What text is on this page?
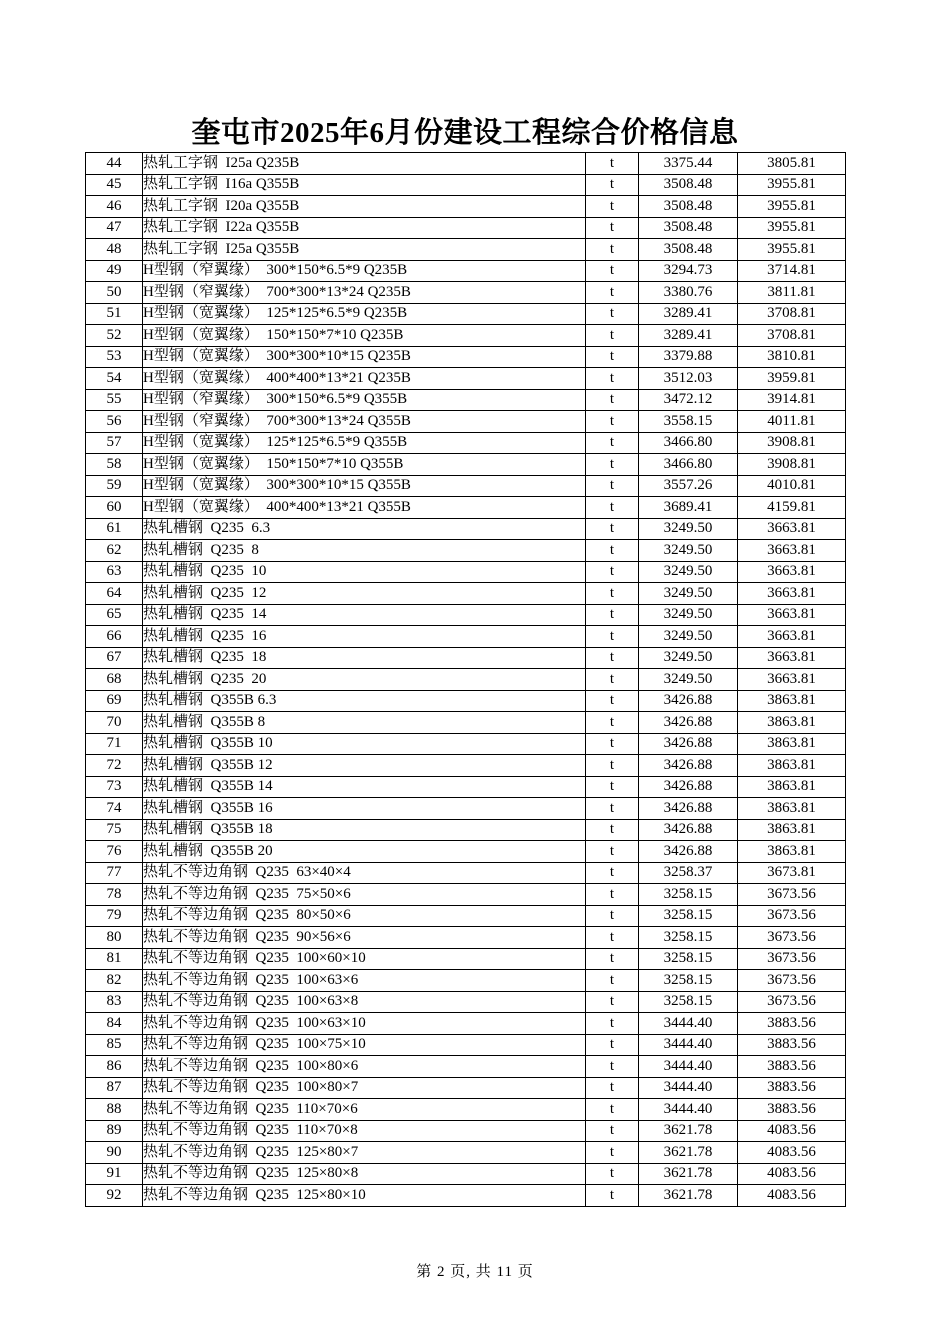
奎屯市2025年6月份建设工程综合价格信息
44	热轧工字钢  I25a Q235B	t	3375.44	3805.81
45	热轧工字钢  I16a Q355B	t	3508.48	3955.81
46	热轧工字钢  I20a Q355B	t	3508.48	3955.81
47	热轧工字钢  I22a Q355B	t	3508.48	3955.81
48	热轧工字钢  I25a Q355B	t	3508.48	3955.81
49	H型钢（窄翼缘）  300*150*6.5*9 Q235B	t	3294.73	3714.81
50	H型钢（窄翼缘）  700*300*13*24 Q235B	t	3380.76	3811.81
51	H型钢（宽翼缘）  125*125*6.5*9 Q235B	t	3289.41	3708.81
52	H型钢（宽翼缘）  150*150*7*10 Q235B	t	3289.41	3708.81
53	H型钢（宽翼缘）  300*300*10*15 Q235B	t	3379.88	3810.81
54	H型钢（宽翼缘）  400*400*13*21 Q235B	t	3512.03	3959.81
55	H型钢（窄翼缘）  300*150*6.5*9 Q355B	t	3472.12	3914.81
56	H型钢（窄翼缘）  700*300*13*24 Q355B	t	3558.15	4011.81
57	H型钢（宽翼缘）  125*125*6.5*9 Q355B	t	3466.80	3908.81
58	H型钢（宽翼缘）  150*150*7*10 Q355B	t	3466.80	3908.81
59	H型钢（宽翼缘）  300*300*10*15 Q355B	t	3557.26	4010.81
60	H型钢（宽翼缘）  400*400*13*21 Q355B	t	3689.41	4159.81
61	热轧槽钢  Q235  6.3	t	3249.50	3663.81
62	热轧槽钢  Q235  8	t	3249.50	3663.81
63	热轧槽钢  Q235  10	t	3249.50	3663.81
64	热轧槽钢  Q235  12	t	3249.50	3663.81
65	热轧槽钢  Q235  14	t	3249.50	3663.81
66	热轧槽钢  Q235  16	t	3249.50	3663.81
67	热轧槽钢  Q235  18	t	3249.50	3663.81
68	热轧槽钢  Q235  20	t	3249.50	3663.81
69	热轧槽钢  Q355B 6.3	t	3426.88	3863.81
70	热轧槽钢  Q355B 8	t	3426.88	3863.81
71	热轧槽钢  Q355B 10	t	3426.88	3863.81
72	热轧槽钢  Q355B 12	t	3426.88	3863.81
73	热轧槽钢  Q355B 14	t	3426.88	3863.81
74	热轧槽钢  Q355B 16	t	3426.88	3863.81
75	热轧槽钢  Q355B 18	t	3426.88	3863.81
76	热轧槽钢  Q355B 20	t	3426.88	3863.81
77	热轧不等边角钢  Q235  63×40×4	t	3258.37	3673.81
78	热轧不等边角钢  Q235  75×50×6	t	3258.15	3673.56
79	热轧不等边角钢  Q235  80×50×6	t	3258.15	3673.56
80	热轧不等边角钢  Q235  90×56×6	t	3258.15	3673.56
81	热轧不等边角钢  Q235  100×60×10	t	3258.15	3673.56
82	热轧不等边角钢  Q235  100×63×6	t	3258.15	3673.56
83	热轧不等边角钢  Q235  100×63×8	t	3258.15	3673.56
84	热轧不等边角钢  Q235  100×63×10	t	3444.40	3883.56
85	热轧不等边角钢  Q235  100×75×10	t	3444.40	3883.56
86	热轧不等边角钢  Q235  100×80×6	t	3444.40	3883.56
87	热轧不等边角钢  Q235  100×80×7	t	3444.40	3883.56
88	热轧不等边角钢  Q235  110×70×6	t	3444.40	3883.56
89	热轧不等边角钢  Q235  110×70×8	t	3621.78	4083.56
90	热轧不等边角钢  Q235  125×80×7	t	3621.78	4083.56
91	热轧不等边角钢  Q235  125×80×8	t	3621.78	4083.56
92	热轧不等边角钢  Q235  125×80×10	t	3621.78	4083.56
第 2 页, 共 11 页
